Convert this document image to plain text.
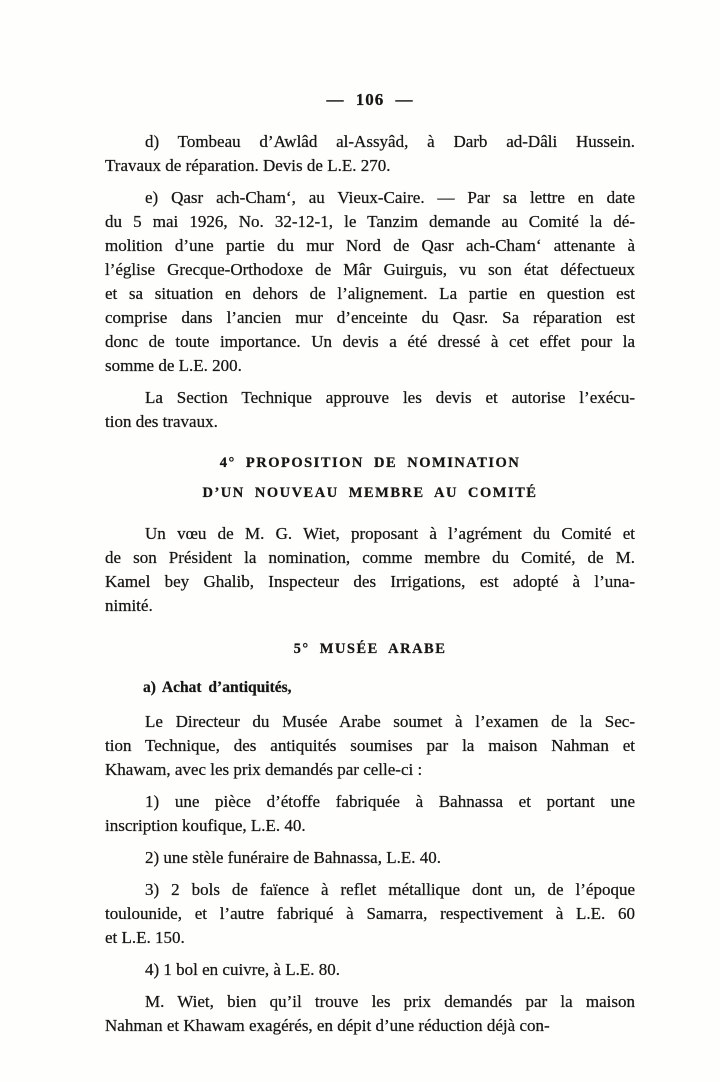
— 106 —
d) Tombeau d’Awlâd al-Assyâd, à Darb ad-Dâli Hussein.
Travaux de réparation. Devis de L.E. 270.
e) Qasr ach-Cham‘, au Vieux-Caire. — Par sa lettre en date
du 5 mai 1926, No. 32-12-1, le Tanzim demande au Comité la dé-
molition d’une partie du mur Nord de Qasr ach-Cham‘ attenante à
l’église Grecque-Orthodoxe de Mâr Guirguis, vu son état défectueux
et sa situation en dehors de l’alignement. La partie en question est
comprise dans l’ancien mur d’enceinte du Qasr. Sa réparation est
donc de toute importance. Un devis a été dressé à cet effet pour la
somme de L.E. 200.
La Section Technique approuve les devis et autorise l’exécu-
tion des travaux.
4° PROPOSITION DE NOMINATION
D’UN NOUVEAU MEMBRE AU COMITÉ
Un vœu de M. G. Wiet, proposant à l’agrément du Comité et
de son Président la nomination, comme membre du Comité, de M.
Kamel bey Ghalib, Inspecteur des Irrigations, est adopté à l’una-
nimité.
5° MUSÉE ARABE
a) Achat d’antiquités,
Le Directeur du Musée Arabe soumet à l’examen de la Sec-
tion Technique, des antiquités soumises par la maison Nahman et
Khawam, avec les prix demandés par celle-ci :
1) une pièce d’étoffe fabriquée à Bahnassa et portant une
inscription koufique, L.E. 40.
2) une stèle funéraire de Bahnassa, L.E. 40.
3) 2 bols de faïence à reflet métallique dont un, de l’époque
toulounide, et l’autre fabriqué à Samarra, respectivement à L.E. 60
et L.E. 150.
4) 1 bol en cuivre, à L.E. 80.
M. Wiet, bien qu’il trouve les prix demandés par la maison
Nahman et Khawam exagérés, en dépit d’une réduction déjà con-
